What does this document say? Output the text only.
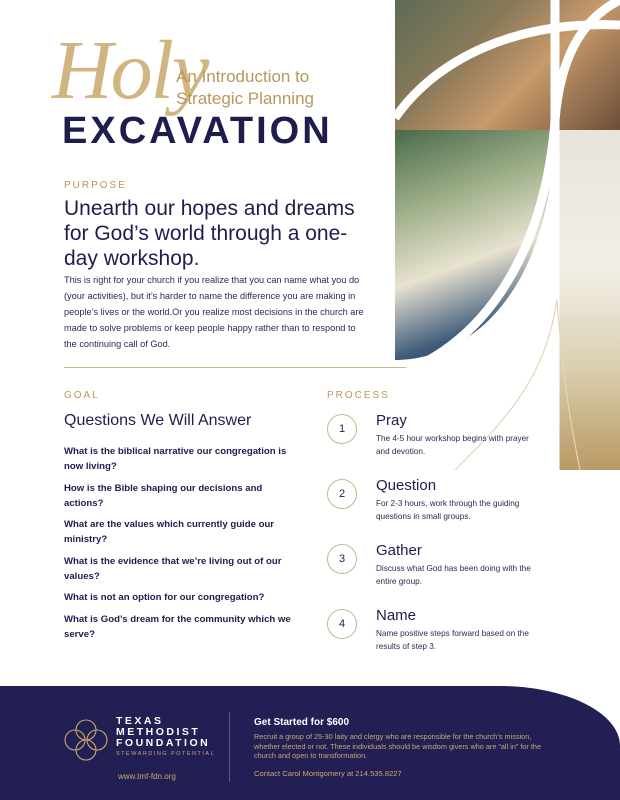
Holy
An Introduction to
Strategic Planning
EXCAVATION
PURPOSE
Unearth our hopes and dreams for God’s world through a one-day workshop.
This is right for your church if you realize that you can name what you do (your activities), but it’s harder to name the difference you are making in people’s lives or the world.Or you realize most decisions in the church are made to solve problems or keep people happy rather than to respond to the continuing call of God.
GOAL
Questions We Will Answer
What is the biblical narrative our congregation is now living?
How is the Bible shaping our decisions and actions?
What are the values which currently guide our ministry?
What is the evidence that we’re living out of our values?
What is not an option for our congregation?
What is God’s dream for the community which we serve?
PROCESS
1	Pray
The 4-5 hour workshop begins with prayer and devotion.
2	Question
For 2-3 hours, work through the guiding questions in small groups.
3	Gather
Discuss what God has been doing with the entire group.
4	Name
Name positive steps forward based on the results of step 3.
TEXAS
METHODIST
FOUNDATION
STEWARDING POTENTIAL
www.tmf-fdn.org
Get Started for $600
Recruit a group of 25-30 laity and clergy who are responsible for the church’s mission, whether elected or not. These individuals should be wisdom givers who are “all in” for the church and open to transformation.
Contact Carol Montgomery at 214.535.8227
